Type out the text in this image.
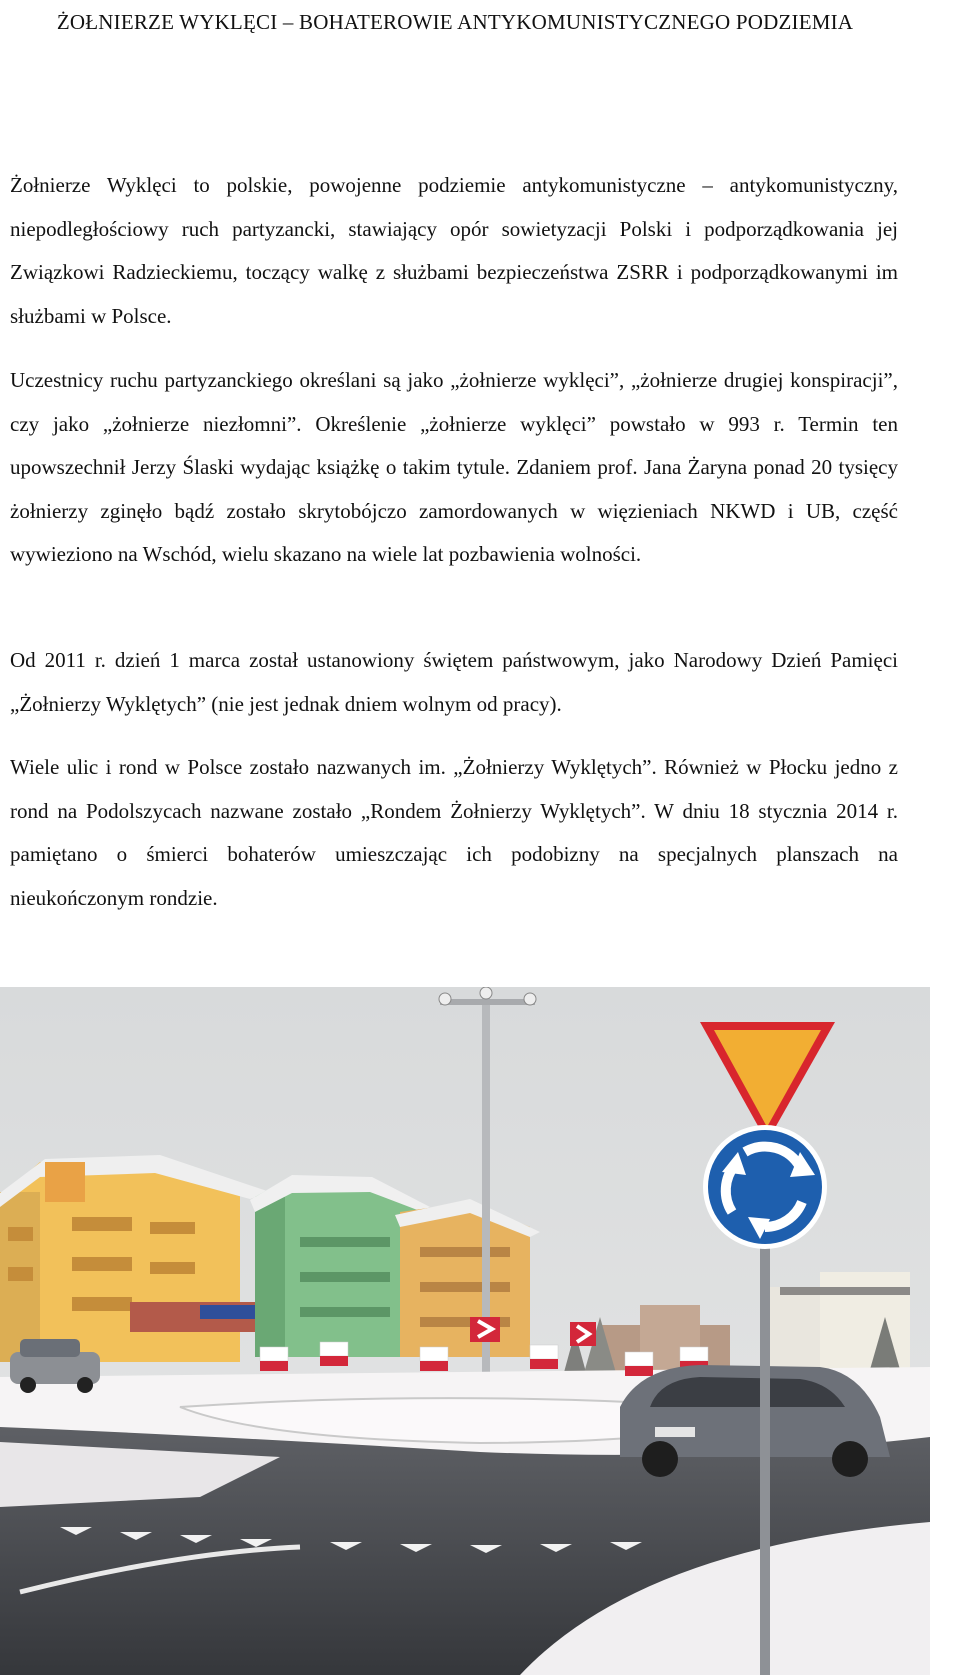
ŻOŁNIERZE WYKLĘCI – BOHATEROWIE ANTYKOMUNISTYCZNEGO PODZIEMIA

Żołnierze Wyklęci to polskie, powojenne podziemie antykomunistyczne – antykomunistyczny, niepodległościowy ruch partyzancki, stawiający opór sowietyzacji Polski i podporządkowania jej Związkowi Radzieckiemu, toczący walkę z służbami bezpieczeństwa ZSRR i podporządkowanymi im służbami w Polsce.

Uczestnicy ruchu partyzanckiego określani są jako „żołnierze wyklęci”, „żołnierze drugiej konspiracji”, czy jako „żołnierze niezłomni”. Określenie „żołnierze wyklęci” powstało w 993 r. Termin ten upowszechnił Jerzy Ślaski wydając książkę o takim tytule. Zdaniem prof. Jana Żaryna ponad 20 tysięcy żołnierzy zginęło bądź zostało skrytobójczo zamordowanych w więzieniach NKWD i UB, część wywieziono na Wschód, wielu skazano na wiele lat pozbawienia wolności.

Od 2011 r. dzień 1 marca został ustanowiony świętem państwowym, jako Narodowy Dzień Pamięci „Żołnierzy Wyklętych” (nie jest jednak dniem wolnym od pracy).

Wiele ulic i rond w Polsce zostało nazwanych im. „Żołnierzy Wyklętych”. Również w Płocku jedno z rond na Podolszycach nazwane zostało „Rondem Żołnierzy Wyklętych”. W dniu 18 stycznia 2014 r. pamiętano o śmierci bohaterów umieszczając ich podobizny na specjalnych planszach na nieukończonym rondzie.
